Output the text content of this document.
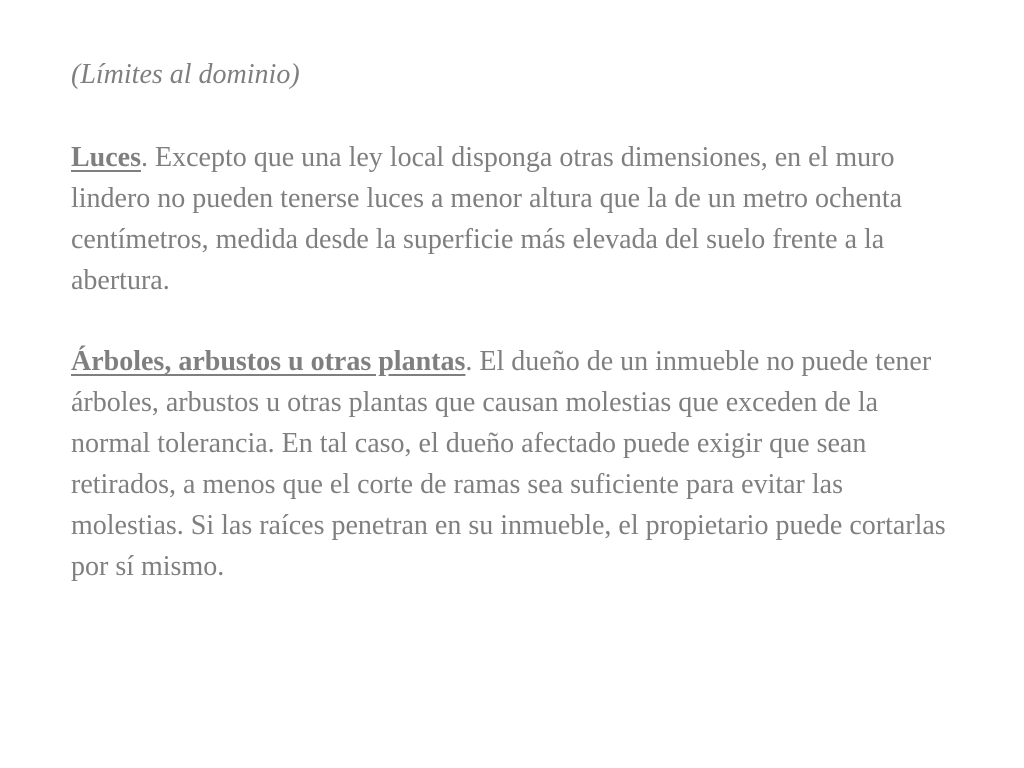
(Límites al dominio)

Luces. Excepto que una ley local disponga otras dimensiones, en el muro lindero no pueden tenerse luces a menor altura que la de un metro ochenta centímetros, medida desde la superficie más elevada del suelo frente a la abertura.

Árboles, arbustos u otras plantas. El dueño de un inmueble no puede tener árboles, arbustos u otras plantas que causan molestias que exceden de la normal tolerancia. En tal caso, el dueño afectado puede exigir que sean retirados, a menos que el corte de ramas sea suficiente para evitar las molestias. Si las raíces penetran en su inmueble, el propietario puede cortarlas por sí mismo.
